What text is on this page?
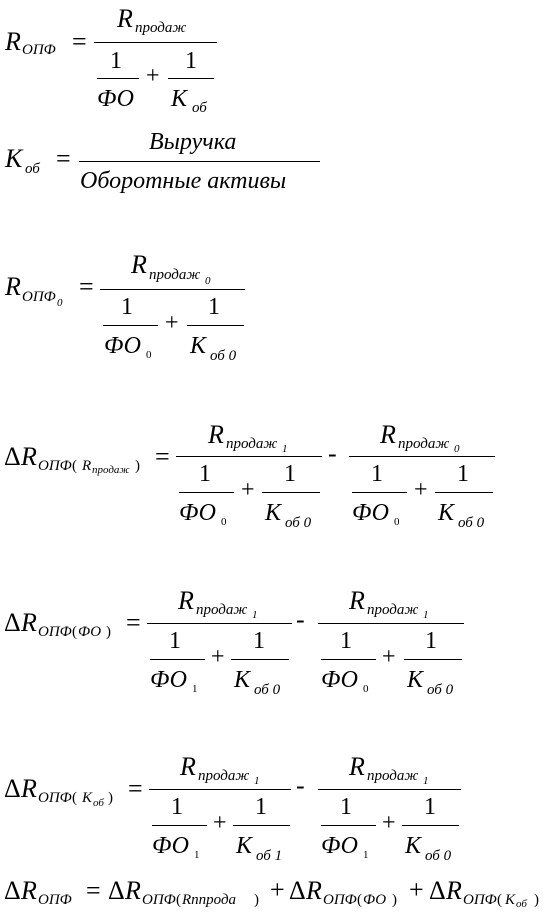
R ОПФ =
R продаж
1
ФО
+
1
K об
K об =
Выручка
Оборотные активы
R ОПФ 0
=
R продаж 0
1
ФО 0
+
1
K об 0
Δ R ОПФ ( R продаж ) =
R продаж 1
1
ФО 0
+
1
K об 0
-
R продаж 0
1
ФО 0
+
1
K об 0
Δ R ОПФ ( ФО ) =
R продаж 1
1
ФО 1
+
1
K об 0
-
R продаж 1
1
ФО 0
+
1
K об 0
Δ R ОПФ ( K об ) =
R продаж 1
1
ФО 1
+
1
K об 1
-
R продаж 1
1
ФО 1
+
1
K об 0
Δ R ОПФ = Δ R ОПФ ( Rnпрода ) + Δ R ОПФ ( ФО ) + Δ R ОПФ ( K об )
